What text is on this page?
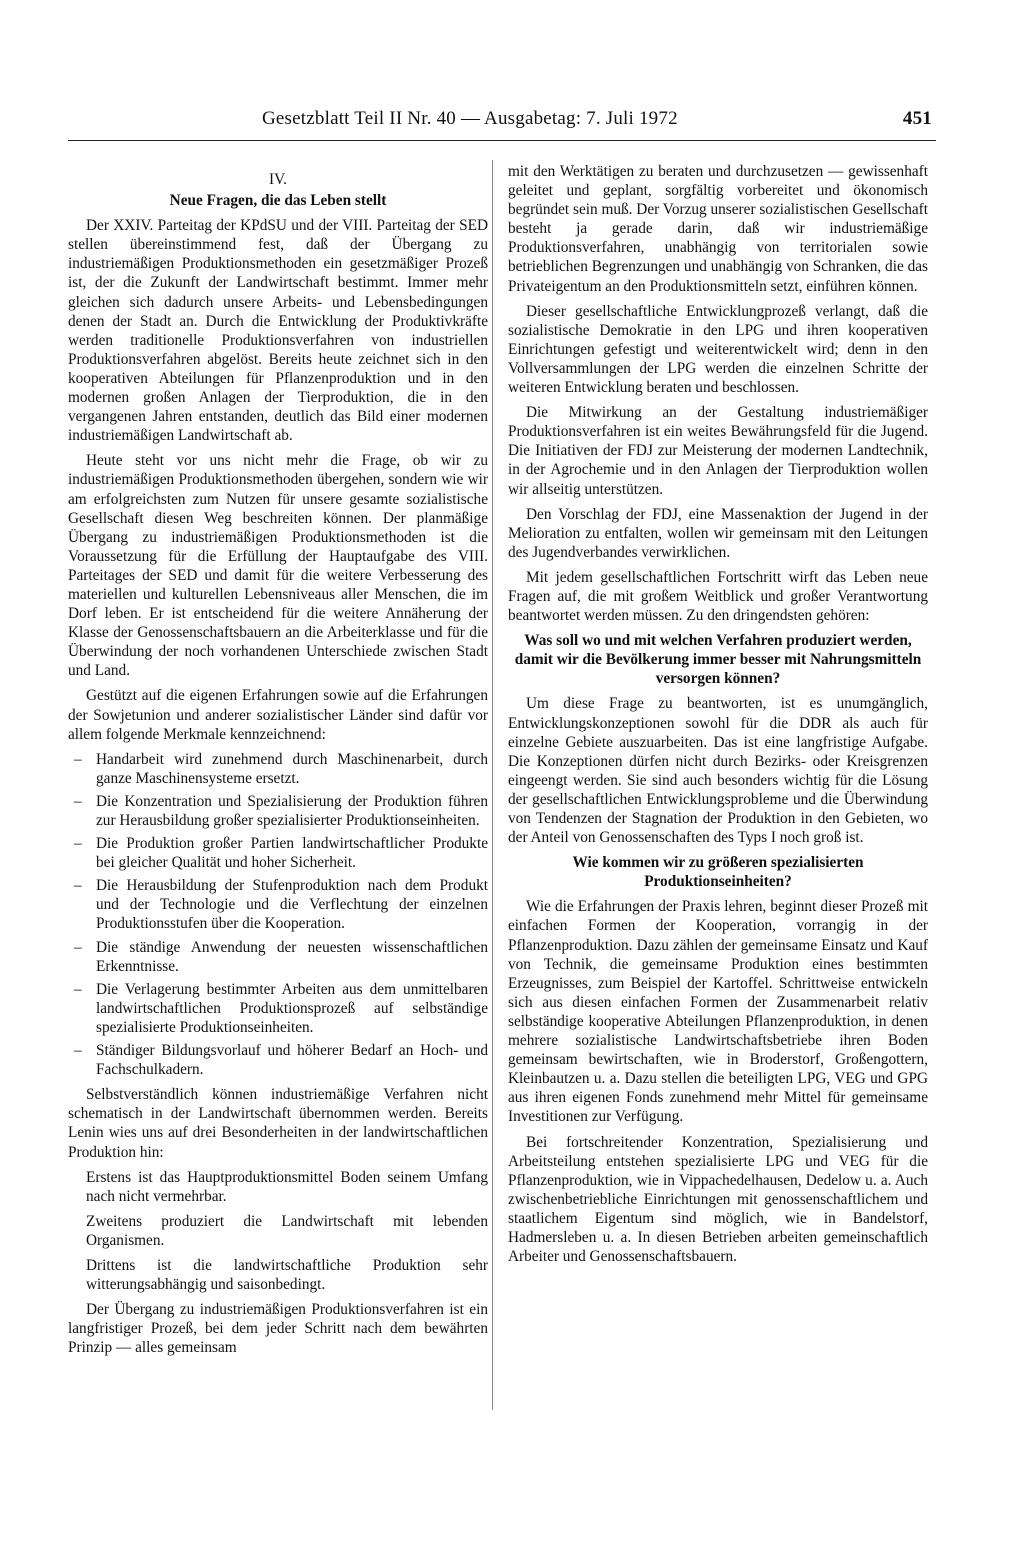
Gesetzblatt Teil II Nr. 40 — Ausgabetag: 7. Juli 1972	451
IV.
Neue Fragen, die das Leben stellt

Der XXIV. Parteitag der KPdSU und der VIII. Parteitag der SED stellen übereinstimmend fest, daß der Übergang zu industriemäßigen Produktionsmethoden ein gesetzmäßiger Prozeß ist, der die Zukunft der Landwirtschaft bestimmt. Immer mehr gleichen sich dadurch unsere Arbeits- und Lebensbedingungen denen der Stadt an. Durch die Entwicklung der Produktivkräfte werden traditionelle Produktionsverfahren von industriellen Produktionsverfahren abgelöst. Bereits heute zeichnet sich in den kooperativen Abteilungen für Pflanzenproduktion und in den modernen großen Anlagen der Tierproduktion, die in den vergangenen Jahren entstanden, deutlich das Bild einer modernen industriemäßigen Landwirtschaft ab.

Heute steht vor uns nicht mehr die Frage, ob wir zu industriemäßigen Produktionsmethoden übergehen, sondern wie wir am erfolgreichsten zum Nutzen für unsere gesamte sozialistische Gesellschaft diesen Weg beschreiten können. Der planmäßige Übergang zu industriemäßigen Produktionsmethoden ist die Voraussetzung für die Erfüllung der Hauptaufgabe des VIII. Parteitages der SED und damit für die weitere Verbesserung des materiellen und kulturellen Lebensniveaus aller Menschen, die im Dorf leben. Er ist entscheidend für die weitere Annäherung der Klasse der Genossenschaftsbauern an die Arbeiterklasse und für die Überwindung der noch vorhandenen Unterschiede zwischen Stadt und Land.

Gestützt auf die eigenen Erfahrungen sowie auf die Erfahrungen der Sowjetunion und anderer sozialistischer Länder sind dafür vor allem folgende Merkmale kennzeichnend:

– Handarbeit wird zunehmend durch Maschinenarbeit, durch ganze Maschinensysteme ersetzt.
– Die Konzentration und Spezialisierung der Produktion führen zur Herausbildung großer spezialisierter Produktionseinheiten.
– Die Produktion großer Partien landwirtschaftlicher Produkte bei gleicher Qualität und hoher Sicherheit.
– Die Herausbildung der Stufenproduktion nach dem Produkt und der Technologie und die Verflechtung der einzelnen Produktionsstufen über die Kooperation.
– Die ständige Anwendung der neuesten wissenschaftlichen Erkenntnisse.
– Die Verlagerung bestimmter Arbeiten aus dem unmittelbaren landwirtschaftlichen Produktionsprozeß auf selbständige spezialisierte Produktionseinheiten.
– Ständiger Bildungsvorlauf und höherer Bedarf an Hoch- und Fachschulkadern.

Selbstverständlich können industriemäßige Verfahren nicht schematisch in der Landwirtschaft übernommen werden. Bereits Lenin wies uns auf drei Besonderheiten in der landwirtschaftlichen Produktion hin:

Erstens ist das Hauptproduktionsmittel Boden seinem Umfang nach nicht vermehrbar.

Zweitens produziert die Landwirtschaft mit lebenden Organismen.

Drittens ist die landwirtschaftliche Produktion sehr witterungsabhängig und saisonbedingt.

Der Übergang zu industriemäßigen Produktionsverfahren ist ein langfristiger Prozeß, bei dem jeder Schritt nach dem bewährten Prinzip — alles gemeinsam

mit den Werktätigen zu beraten und durchzusetzen — gewissenhaft geleitet und geplant, sorgfältig vorbereitet und ökonomisch begründet sein muß. Der Vorzug unserer sozialistischen Gesellschaft besteht ja gerade darin, daß wir industriemäßige Produktionsverfahren, unabhängig von territorialen sowie betrieblichen Begrenzungen und unabhängig von Schranken, die das Privateigentum an den Produktionsmitteln setzt, einführen können.

Dieser gesellschaftliche Entwicklungprozeß verlangt, daß die sozialistische Demokratie in den LPG und ihren kooperativen Einrichtungen gefestigt und weiterentwickelt wird; denn in den Vollversammlungen der LPG werden die einzelnen Schritte der weiteren Entwicklung beraten und beschlossen.

Die Mitwirkung an der Gestaltung industriemäßiger Produktionsverfahren ist ein weites Bewährungsfeld für die Jugend. Die Initiativen der FDJ zur Meisterung der modernen Landtechnik, in der Agrochemie und in den Anlagen der Tierproduktion wollen wir allseitig unterstützen.

Den Vorschlag der FDJ, eine Massenaktion der Jugend in der Melioration zu entfalten, wollen wir gemeinsam mit den Leitungen des Jugendverbandes verwirklichen.

Mit jedem gesellschaftlichen Fortschritt wirft das Leben neue Fragen auf, die mit großem Weitblick und großer Verantwortung beantwortet werden müssen. Zu den dringendsten gehören:

Was soll wo und mit welchen Verfahren produziert werden, damit wir die Bevölkerung immer besser mit Nahrungsmitteln versorgen können?

Um diese Frage zu beantworten, ist es unumgänglich, Entwicklungskonzeptionen sowohl für die DDR als auch für einzelne Gebiete auszuarbeiten. Das ist eine langfristige Aufgabe. Die Konzeptionen dürfen nicht durch Bezirks- oder Kreisgrenzen eingeengt werden. Sie sind auch besonders wichtig für die Lösung der gesellschaftlichen Entwicklungsprobleme und die Überwindung von Tendenzen der Stagnation der Produktion in den Gebieten, wo der Anteil von Genossenschaften des Typs I noch groß ist.

Wie kommen wir zu größeren spezialisierten Produktionseinheiten?

Wie die Erfahrungen der Praxis lehren, beginnt dieser Prozeß mit einfachen Formen der Kooperation, vorrangig in der Pflanzenproduktion. Dazu zählen der gemeinsame Einsatz und Kauf von Technik, die gemeinsame Produktion eines bestimmten Erzeugnisses, zum Beispiel der Kartoffel. Schrittweise entwickeln sich aus diesen einfachen Formen der Zusammenarbeit relativ selbständige kooperative Abteilungen Pflanzenproduktion, in denen mehrere sozialistische Landwirtschaftsbetriebe ihren Boden gemeinsam bewirtschaften, wie in Broderstorf, Großengottern, Kleinbautzen u. a. Dazu stellen die beteiligten LPG, VEG und GPG aus ihren eigenen Fonds zunehmend mehr Mittel für gemeinsame Investitionen zur Verfügung.

Bei fortschreitender Konzentration, Spezialisierung und Arbeitsteilung entstehen spezialisierte LPG und VEG für die Pflanzenproduktion, wie in Vippachedelhausen, Dedelow u. a. Auch zwischenbetriebliche Einrichtungen mit genossenschaftlichem und staatlichem Eigentum sind möglich, wie in Bandelstorf, Hadmersleben u. a. In diesen Betrieben arbeiten gemeinschaftlich Arbeiter und Genossenschaftsbauern.
